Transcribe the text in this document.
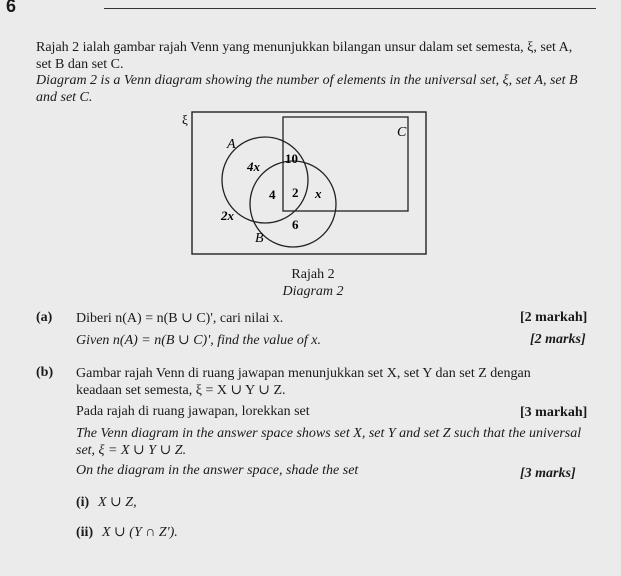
6
Rajah 2 ialah gambar rajah Venn yang menunjukkan bilangan unsur dalam set semesta, ξ, set A,
set B dan set C.
Diagram 2 is a Venn diagram showing the number of elements in the universal set, ξ, set A, set B
and set C.
ξ
C
A
10
4x
4 2 x
2x
6
B
Rajah 2
Diagram 2
(a) Diberi n(A) = n(B ∪ C)', cari nilai x.	[2 markah]
Given n(A) = n(B ∪ C)', find the value of x.	[2 marks]
(b) Gambar rajah Venn di ruang jawapan menunjukkan set X, set Y dan set Z dengan
keadaan set semesta, ξ = X ∪ Y ∪ Z.
Pada rajah di ruang jawapan, lorekkan set	[3 markah]
The Venn diagram in the answer space shows set X, set Y and set Z such that the universal
set, ξ = X ∪ Y ∪ Z.
On the diagram in the answer space, shade the set	[3 marks]
(i) X ∪ Z,
(ii) X ∪ (Y ∩ Z').
